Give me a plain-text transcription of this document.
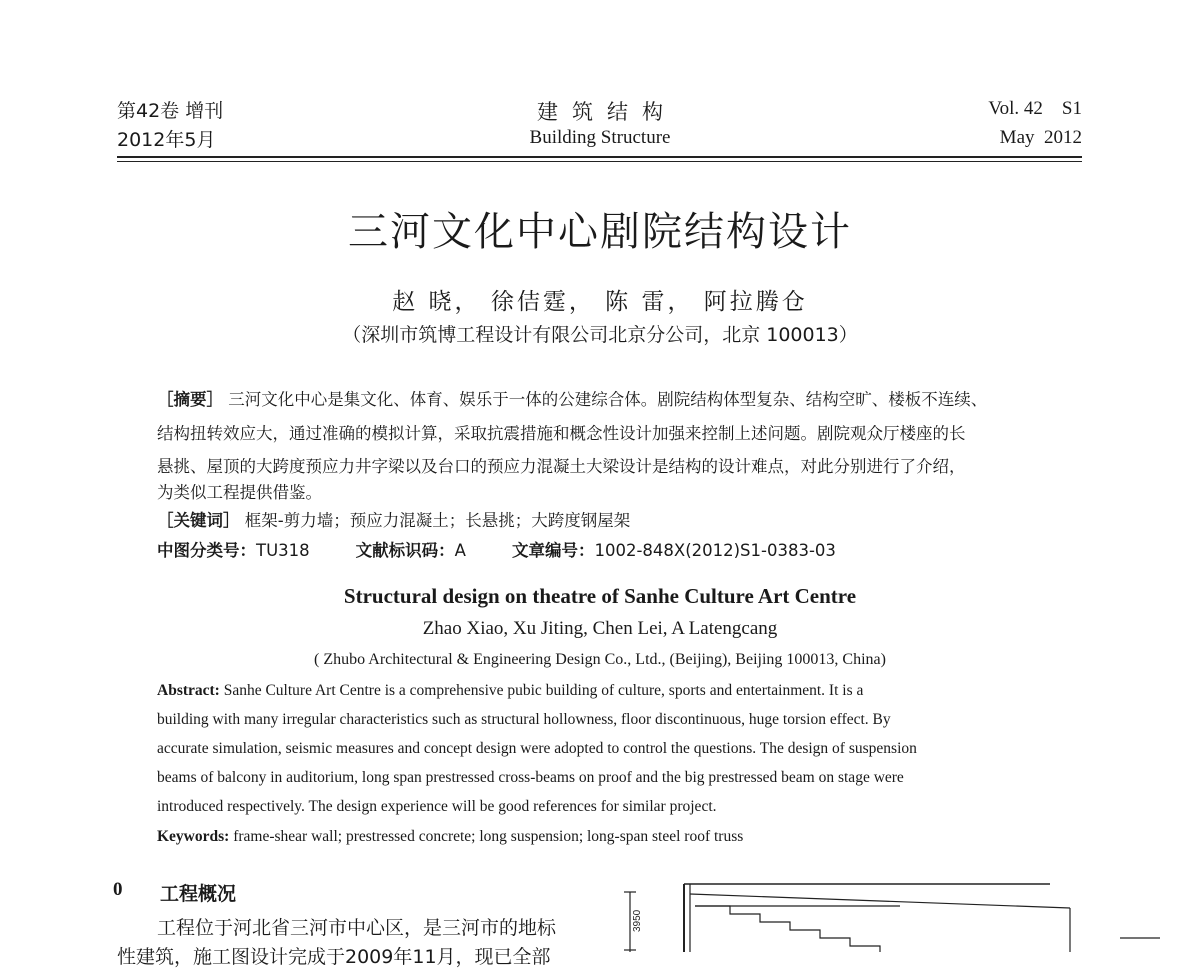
第42卷 增刊
2012年5月
建筑结构
Building Structure
Vol. 42    S1
May  2012
三河文化中心剧院结构设计
赵 晓， 徐佶霆， 陈 雷， 阿拉腾仓
（深圳市筑博工程设计有限公司北京分公司，北京 100013）
［摘要］ 三河文化中心是集文化、体育、娱乐于一体的公建综合体。剧院结构体型复杂、结构空旷、楼板不连续、
结构扭转效应大，通过准确的模拟计算，采取抗震措施和概念性设计加强来控制上述问题。剧院观众厅楼座的长
悬挑、屋顶的大跨度预应力井字梁以及台口的预应力混凝土大梁设计是结构的设计难点，对此分别进行了介绍，
为类似工程提供借鉴。
［关键词］ 框架-剪力墙；预应力混凝土；长悬挑；大跨度钢屋架
中图分类号：TU318	文献标识码：A	文章编号：1002-848X(2012)S1-0383-03
Structural design on theatre of Sanhe Culture Art Centre
Zhao Xiao, Xu Jiting, Chen Lei, A Latengcang
( Zhubo Architectural & Engineering Design Co., Ltd., (Beijing), Beijing 100013, China)
Abstract: Sanhe Culture Art Centre is a comprehensive pubic building of culture, sports and entertainment. It is a
building with many irregular characteristics such as structural hollowness, floor discontinuous, huge torsion effect. By
accurate simulation, seismic measures and concept design were adopted to control the questions. The design of suspension
beams of balcony in auditorium, long span prestressed cross-beams on proof and the big prestressed beam on stage were
introduced respectively. The design experience will be good references for similar project.
Keywords: frame-shear wall; prestressed concrete; long suspension; long-span steel roof truss
0 工程概况
工程位于河北省三河市中心区，是三河市的地标
性建筑，施工图设计完成于2009年11月，现已全部
3950
